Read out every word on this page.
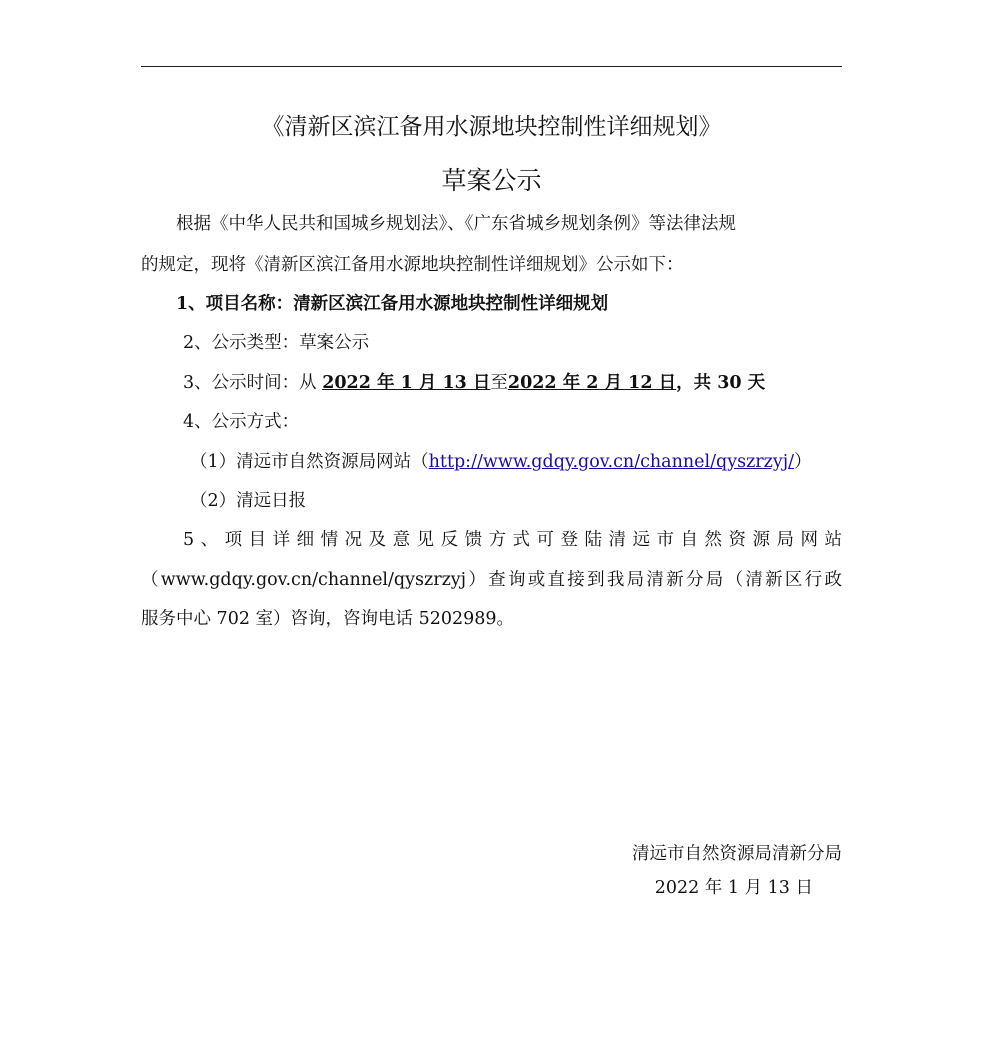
《清新区滨江备用水源地块控制性详细规划》
草案公示
根据《中华人民共和国城乡规划法》、《广东省城乡规划条例》等法律法规
的规定，现将《清新区滨江备用水源地块控制性详细规划》公示如下：
1、项目名称：清新区滨江备用水源地块控制性详细规划
2、公示类型：草案公示
3、公示时间：从 2022 年 1 月 13 日至2022 年 2 月 12 日，共 30 天
4、公示方式：
（1）清远市自然资源局网站（http://www.gdqy.gov.cn/channel/qyszrzyj/）
（2）清远日报
5、项目详细情况及意见反馈方式可登陆清远市自然资源局网站
（www.gdqy.gov.cn/channel/qyszrzyj）查询或直接到我局清新分局（清新区行政
服务中心 702 室）咨询，咨询电话 5202989。
清远市自然资源局清新分局
2022 年 1 月 13 日
